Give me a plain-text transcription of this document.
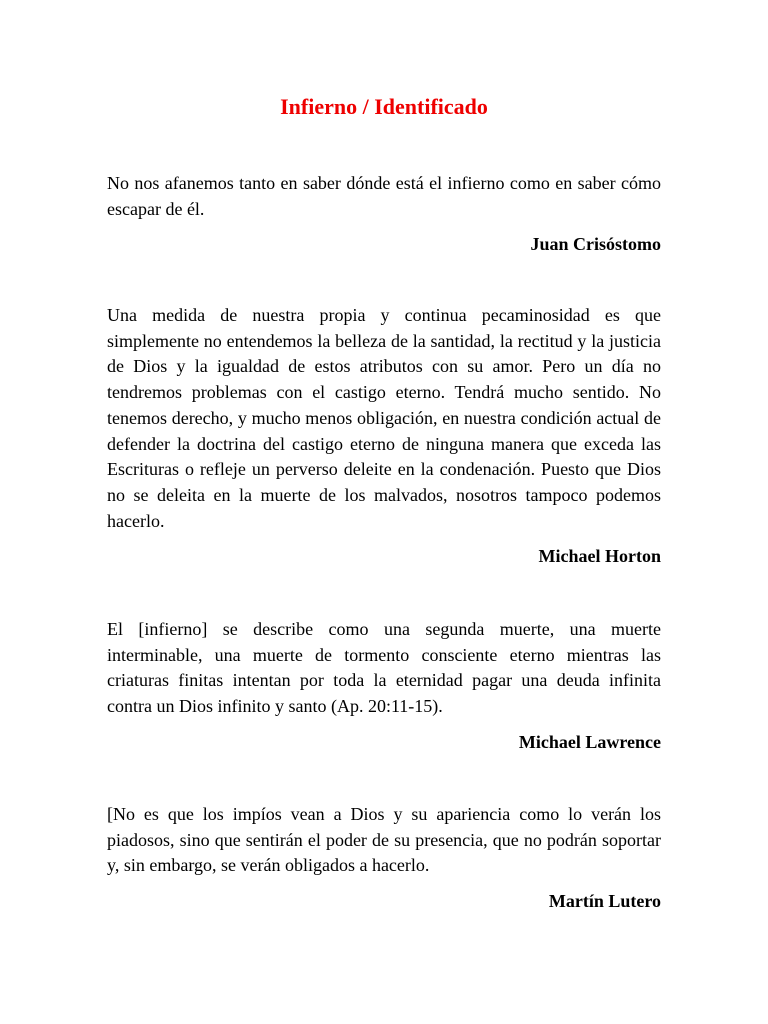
Infierno / Identificado

No nos afanemos tanto en saber dónde está el infierno como en saber cómo escapar de él.

Juan Crisóstomo

Una medida de nuestra propia y continua pecaminosidad es que simplemente no entendemos la belleza de la santidad, la rectitud y la justicia de Dios y la igualdad de estos atributos con su amor. Pero un día no tendremos problemas con el castigo eterno. Tendrá mucho sentido. No tenemos derecho, y mucho menos obligación, en nuestra condición actual de defender la doctrina del castigo eterno de ninguna manera que exceda las Escrituras o refleje un perverso deleite en la condenación. Puesto que Dios no se deleita en la muerte de los malvados, nosotros tampoco podemos hacerlo.

Michael Horton

El [infierno] se describe como una segunda muerte, una muerte interminable, una muerte de tormento consciente eterno mientras las criaturas finitas intentan por toda la eternidad pagar una deuda infinita contra un Dios infinito y santo (Ap. 20:11-15).

Michael Lawrence

[No es que los impíos vean a Dios y su apariencia como lo verán los piadosos, sino que sentirán el poder de su presencia, que no podrán soportar y, sin embargo, se verán obligados a hacerlo.

Martín Lutero
